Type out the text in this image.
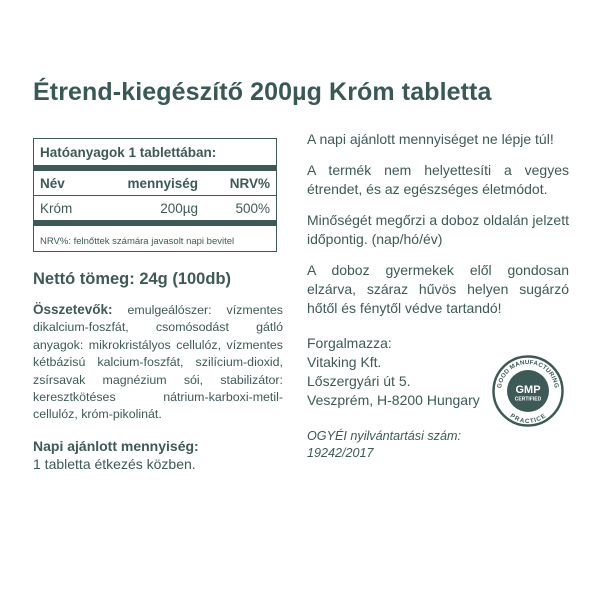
Étrend-kiegészítő 200µg Króm tabletta
Hatóanyagok 1 tablettában:
Név	mennyiség	NRV%
Króm	200µg	500%
NRV%: felnőttek számára javasolt napi bevitel
Nettó tömeg: 24g (100db)
Összetevők: emulgeálószer: vízmentes dikalcium-foszfát, csomósodást gátló anyagok: mikrokristályos cellulóz, vízmentes kétbázisú kalcium-foszfát, szilícium-dioxid, zsírsavak magnézium sói, stabilizátor: keresztkötéses nátrium-karboxi-metil-cellulóz, króm-pikolinát.
Napi ajánlott mennyiség:
1 tabletta étkezés közben.

A napi ajánlott mennyiséget ne lépje túl!

A termék nem helyettesíti a vegyes étrendet, és az egészséges életmódot.

Minőségét megőrzi a doboz oldalán jelzett időpontig. (nap/hó/év)

A doboz gyermekek elől gondosan elzárva, száraz hűvös helyen sugárzó hőtől és fénytől védve tartandó!

Forgalmazza:
Vitaking Kft.
Lőszergyári út 5.
Veszprém, H-8200 Hungary
OGYÉI nyilvántartási szám:
19242/2017
GOOD MANUFACTURING
PRACTICE
GMP
CERTIFIED
